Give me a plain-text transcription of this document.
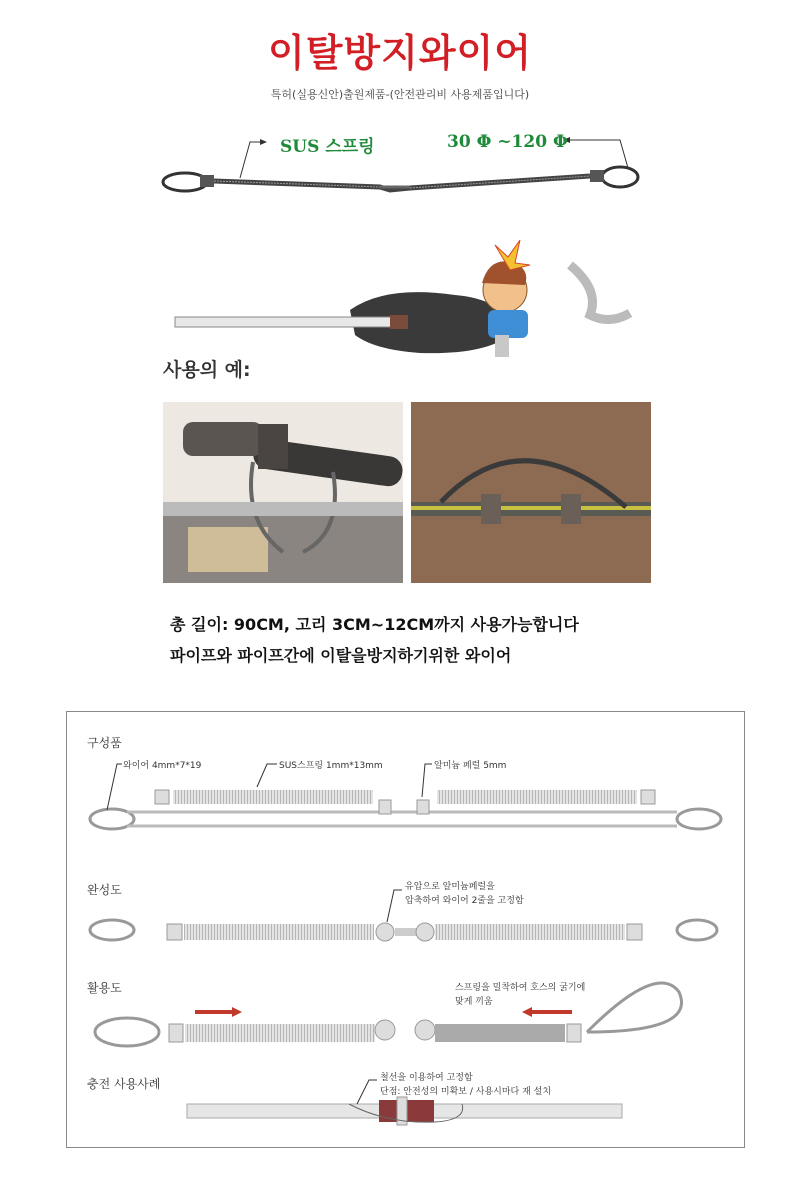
이탈방지와이어
특허(실용신안)출원제품-(안전관리비 사용제품입니다)
SUS 스프링	30 Φ ~120 Φ
사용의 예:
총 길이: 90CM, 고리 3CM~12CM까지 사용가능합니다
파이프와 파이프간에 이탈을방지하기위한 와이어
구성품
와이어 4mm*7*19	SUS스프링 1mm*13mm	알미늄 페럴 5mm
완성도	유압으로 알미늄페럴을
압축하여 와이어 2줄을 고정함
활용도	스프링을 밀착하여 호스의 굵기에
맞게 끼움
충전 사용사례	철선을 이용하여 고정함
단점: 안전성의 미확보 / 사용시마다 재 설치
